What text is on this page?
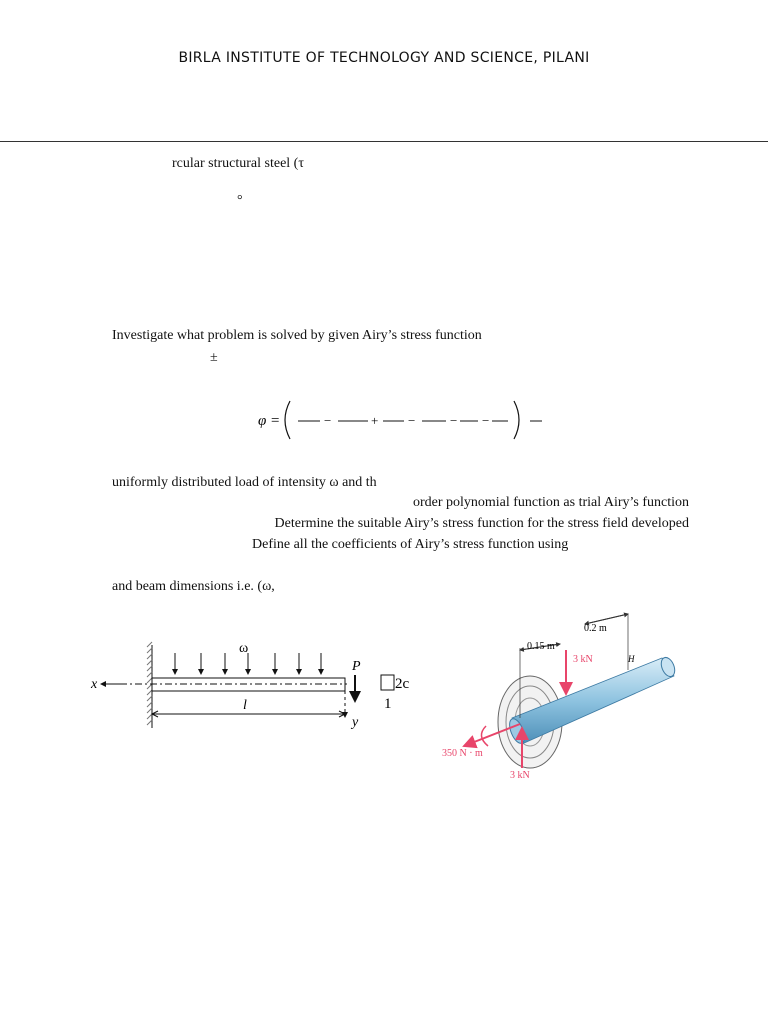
BIRLA INSTITUTE OF TECHNOLOGY AND SCIENCE, PILANI
rcular structural steel (τ
°
Investigate what problem is solved by given Airy’s stress function
±
φ =	−	+ −	− −
uniformly distributed load of intensity ω and th
order polynomial function as trial Airy’s function
Determine the suitable Airy’s stress function for the stress field developed
Define all the coefficients of Airy’s stress function using
and beam dimensions i.e. (ω,
x
ω
P
y
l
2c
1
0.2 m
0.15 m
3 kN	H
350 N · m
3 kN
